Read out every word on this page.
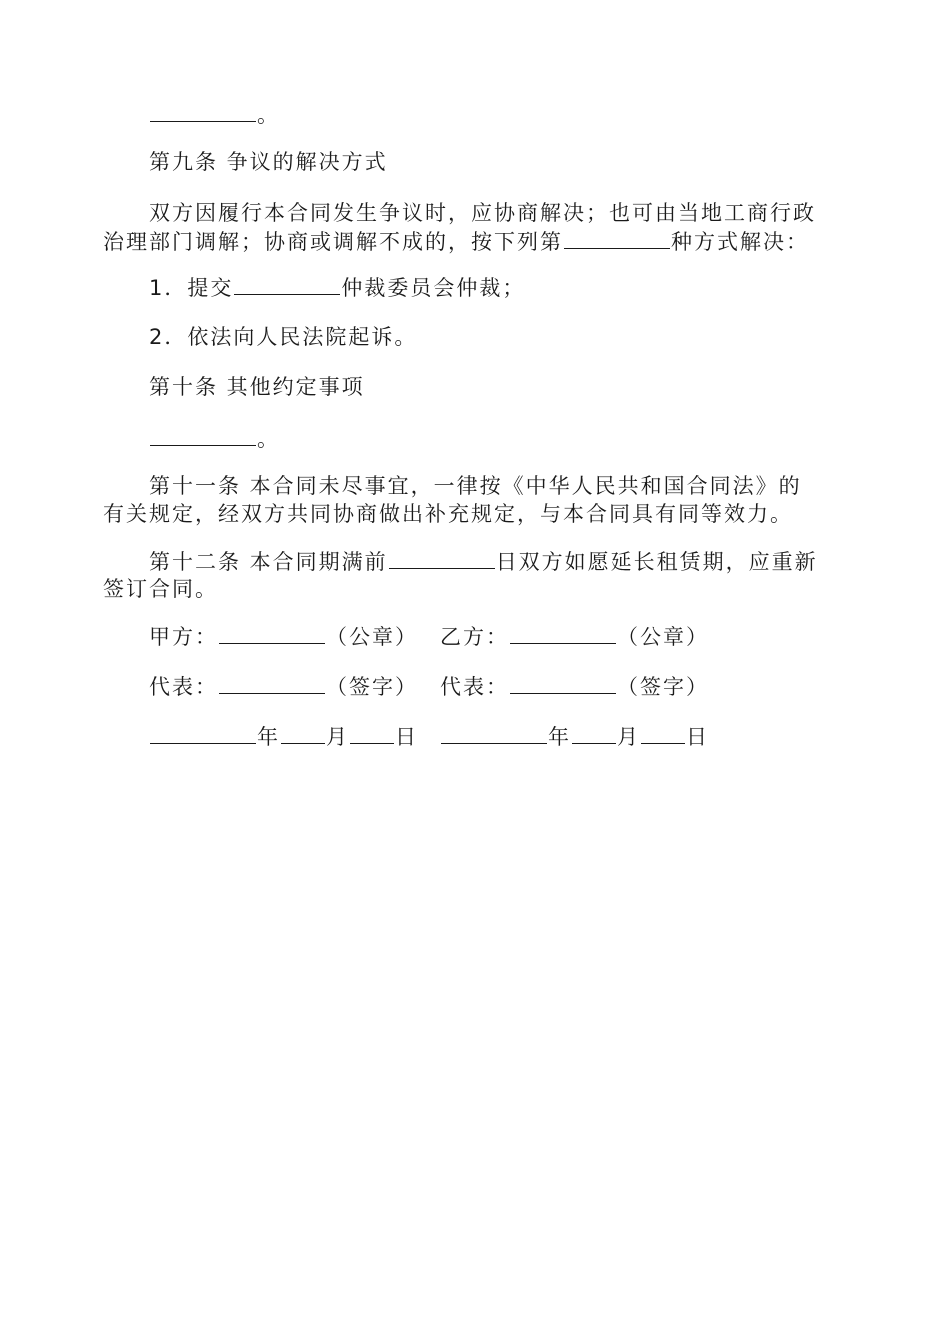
。
第九条 争议的解决方式
双方因履行本合同发生争议时，应协商解决；也可由当地工商行政
治理部门调解；协商或调解不成的，按下列第	种方式解决：
1．提交	仲裁委员会仲裁；
2．依法向人民法院起诉。
第十条 其他约定事项
。
第十一条 本合同未尽事宜，一律按《中华人民共和国合同法》的
有关规定，经双方共同协商做出补充规定，与本合同具有同等效力。
第十二条 本合同期满前	日双方如愿延长租赁期，应重新
签订合同。
甲方：	（公章） 乙方：	（公章）
代表：	（签字） 代表：	（签字）
年 月 日	年 月 日
